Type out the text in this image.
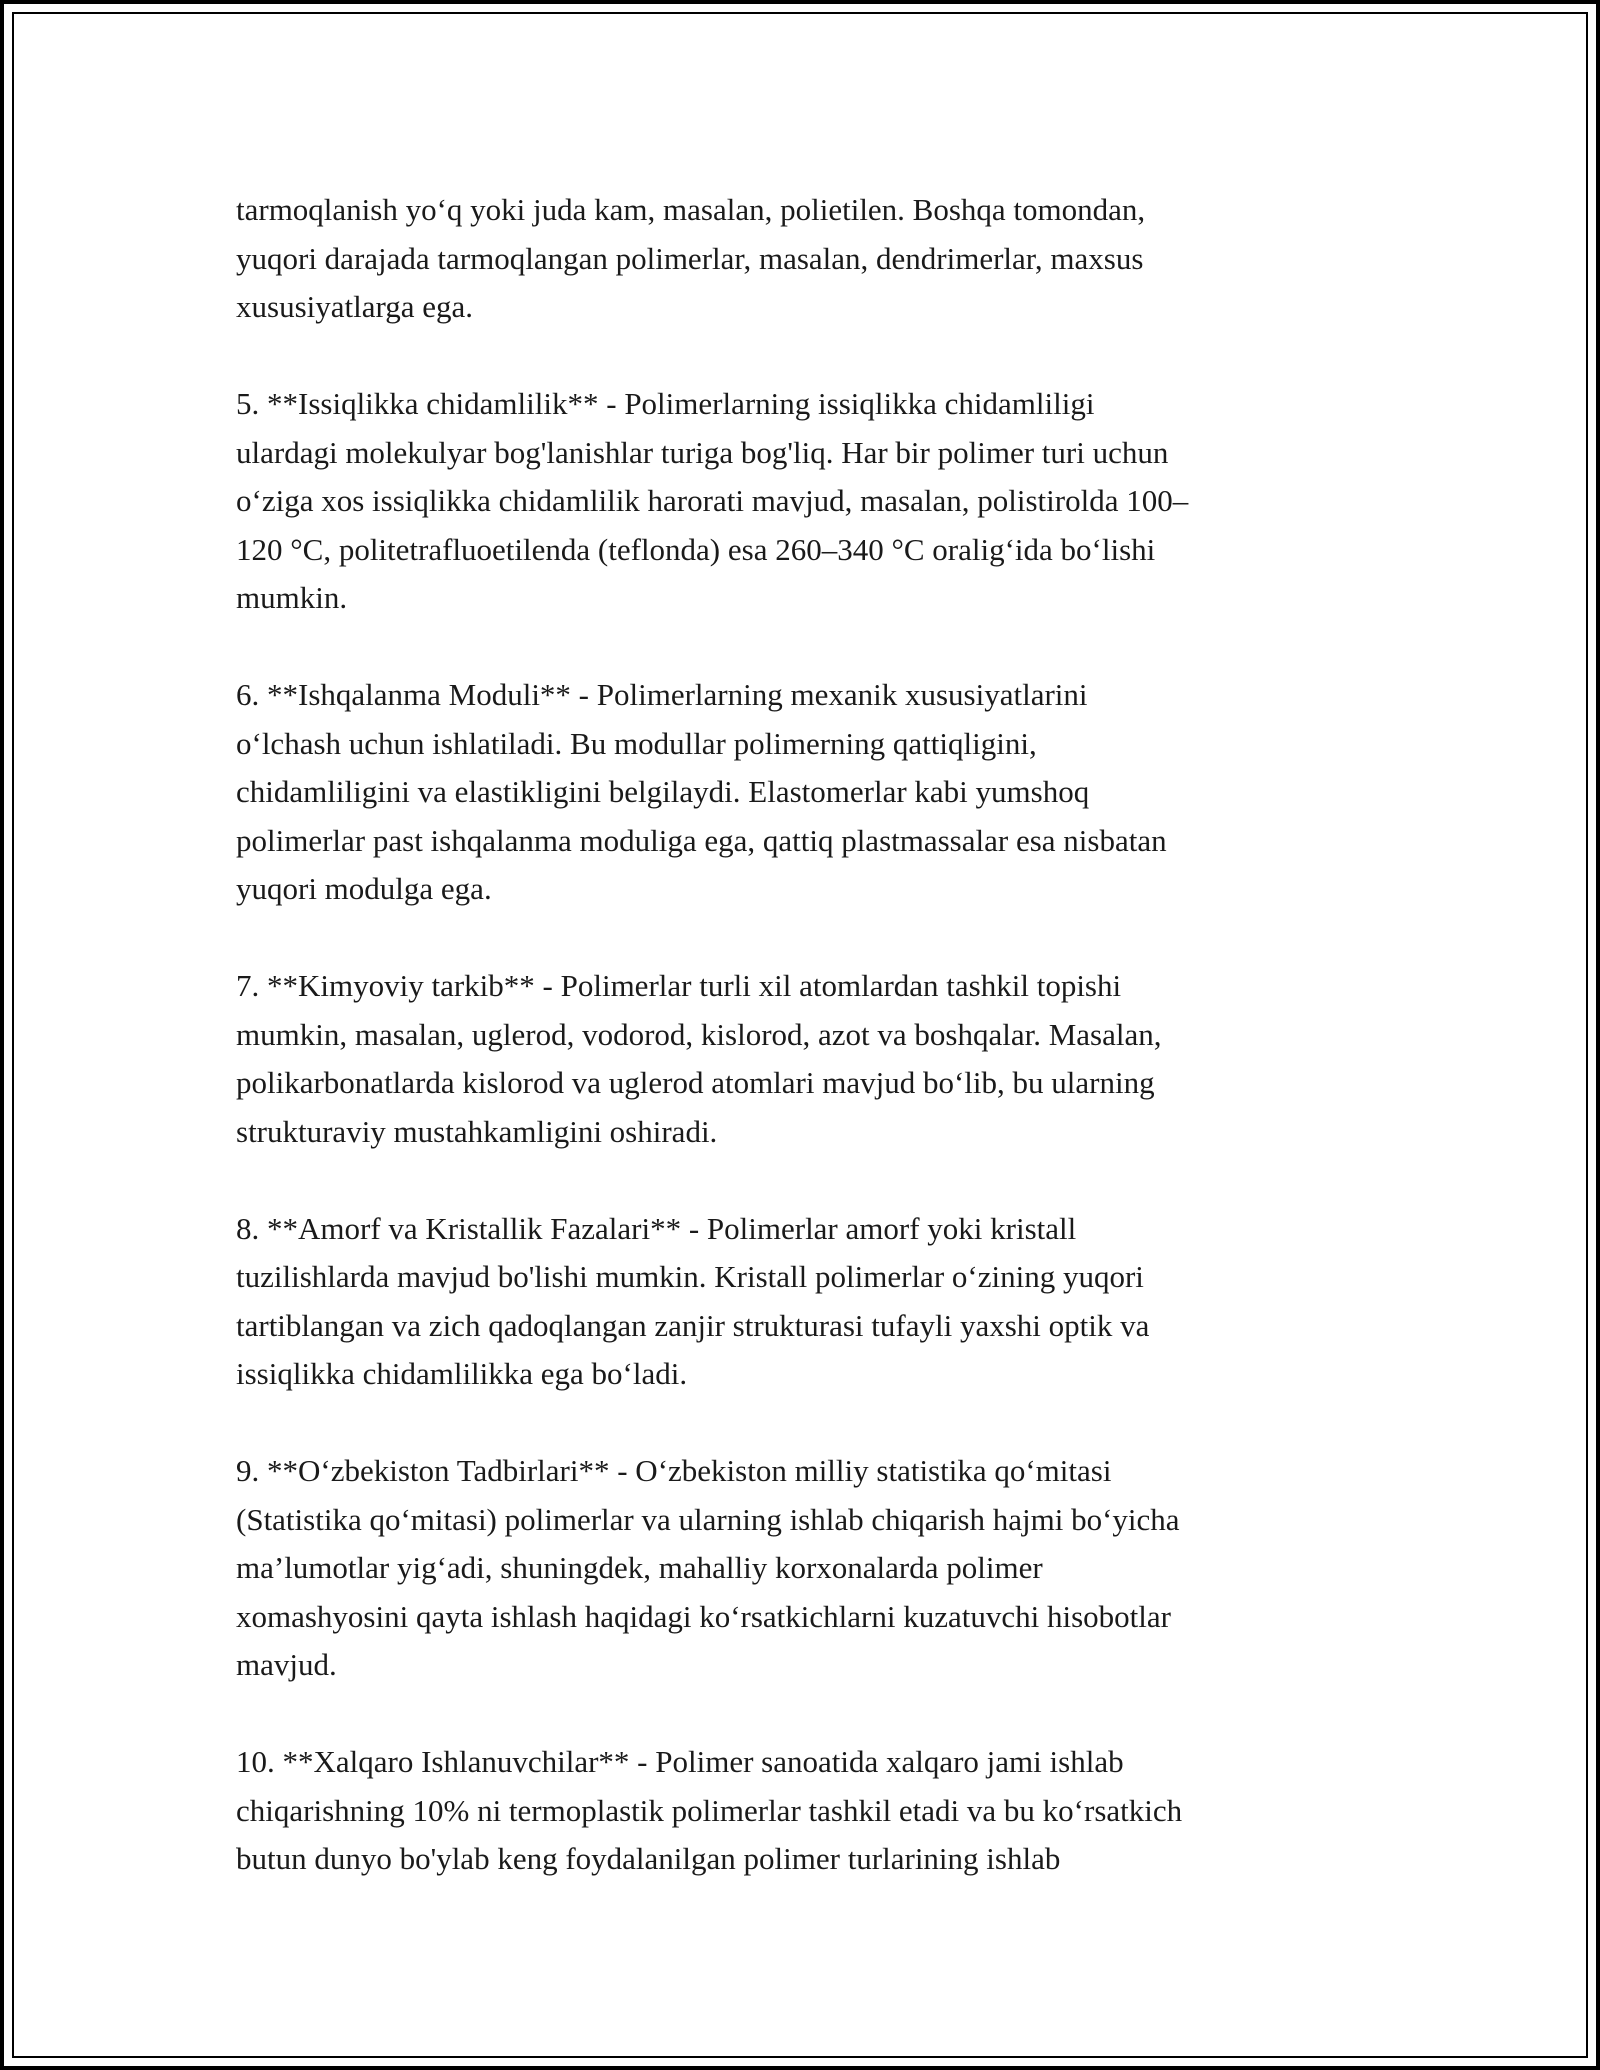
tarmoqlanish yoʻq yoki juda kam, masalan, polietilen. Boshqa tomondan,
yuqori darajada tarmoqlangan polimerlar, masalan, dendrimerlar, maxsus
xususiyatlarga ega.

5. **Issiqlikka chidamlilik** - Polimerlarning issiqlikka chidamliligi
ulardagi molekulyar bog'lanishlar turiga bog'liq. Har bir polimer turi uchun
oʻziga xos issiqlikka chidamlilik harorati mavjud, masalan, polistirolda 100–
120 °C, politetrafluoetilenda (teflonda) esa 260–340 °C oraligʻida boʻlishi
mumkin.

6. **Ishqalanma Moduli** - Polimerlarning mexanik xususiyatlarini
oʻlchash uchun ishlatiladi. Bu modullar polimerning qattiqligini,
chidamliligini va elastikligini belgilaydi. Elastomerlar kabi yumshoq
polimerlar past ishqalanma moduliga ega, qattiq plastmassalar esa nisbatan
yuqori modulga ega.

7. **Kimyoviy tarkib** - Polimerlar turli xil atomlardan tashkil topishi
mumkin, masalan, uglerod, vodorod, kislorod, azot va boshqalar. Masalan,
polikarbonatlarda kislorod va uglerod atomlari mavjud boʻlib, bu ularning
strukturaviy mustahkamligini oshiradi.

8. **Amorf va Kristallik Fazalari** - Polimerlar amorf yoki kristall
tuzilishlarda mavjud bo'lishi mumkin. Kristall polimerlar oʻzining yuqori
tartiblangan va zich qadoqlangan zanjir strukturasi tufayli yaxshi optik va
issiqlikka chidamlilikka ega boʻladi.

9. **Oʻzbekiston Tadbirlari** - Oʻzbekiston milliy statistika qoʻmitasi
(Statistika qoʻmitasi) polimerlar va ularning ishlab chiqarish hajmi boʻyicha
ma’lumotlar yigʻadi, shuningdek, mahalliy korxonalarda polimer
xomashyosini qayta ishlash haqidagi koʻrsatkichlarni kuzatuvchi hisobotlar
mavjud.

10. **Xalqaro Ishlanuvchilar** - Polimer sanoatida xalqaro jami ishlab
chiqarishning 10% ni termoplastik polimerlar tashkil etadi va bu koʻrsatkich
butun dunyo bo'ylab keng foydalanilgan polimer turlarining ishlab
